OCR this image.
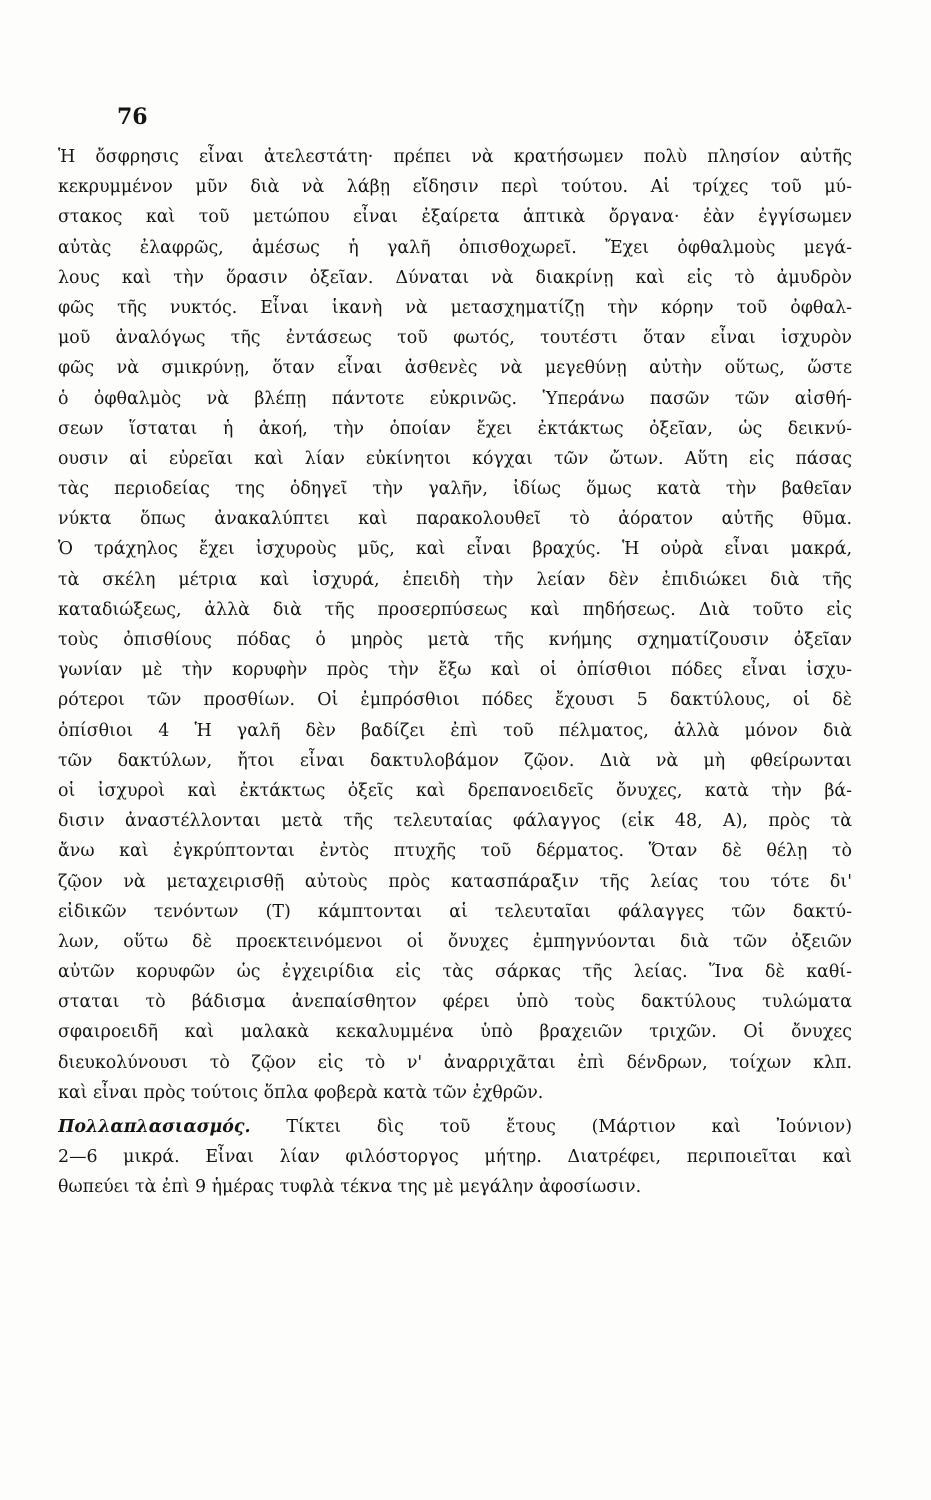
76
Ἡ ὄσφρησις εἶναι ἀτελεστάτη· πρέπει νὰ κρατήσωμεν πολὺ πλησίον αὐτῆς
κεκρυμμένον μῦν διὰ νὰ λάβῃ εἴδησιν περὶ τούτου. Αἱ τρίχες τοῦ μύ-
στακος καὶ τοῦ μετώπου εἶναι ἐξαίρετα ἁπτικὰ ὄργανα· ἐὰν ἐγγίσωμεν
αὐτὰς ἐλαφρῶς, ἀμέσως ἡ γαλῆ ὀπισθοχωρεῖ. Ἔχει ὀφθαλμοὺς μεγά-
λους καὶ τὴν ὅρασιν ὀξεῖαν. Δύναται νὰ διακρίνῃ καὶ εἰς τὸ ἀμυδρὸν
φῶς τῆς νυκτός. Εἶναι ἱκανὴ νὰ μετασχηματίζῃ τὴν κόρην τοῦ ὀφθαλ-
μοῦ ἀναλόγως τῆς ἐντάσεως τοῦ φωτός, τουτέστι ὅταν εἶναι ἰσχυρὸν
φῶς νὰ σμικρύνῃ, ὅταν εἶναι ἀσθενὲς νὰ μεγεθύνῃ αὐτὴν οὕτως, ὥστε
ὁ ὀφθαλμὸς νὰ βλέπῃ πάντοτε εὐκρινῶς. Ὑπεράνω πασῶν τῶν αἰσθή-
σεων ἵσταται ἡ ἀκοή, τὴν ὁποίαν ἔχει ἐκτάκτως ὀξεῖαν, ὡς δεικνύ-
ουσιν αἱ εὐρεῖαι καὶ λίαν εὐκίνητοι κόγχαι τῶν ὤτων. Αὕτη εἰς πάσας
τὰς περιοδείας της ὁδηγεῖ τὴν γαλῆν, ἰδίως ὅμως κατὰ τὴν βαθεῖαν
νύκτα ὅπως ἀνακαλύπτει καὶ παρακολουθεῖ τὸ ἀόρατον αὐτῆς θῦμα.
Ὁ τράχηλος ἔχει ἰσχυροὺς μῦς, καὶ εἶναι βραχύς. Ἡ οὐρὰ εἶναι μακρά,
τὰ σκέλη μέτρια καὶ ἰσχυρά, ἐπειδὴ τὴν λείαν δὲν ἐπιδιώκει διὰ τῆς
καταδιώξεως, ἀλλὰ διὰ τῆς προσερπύσεως καὶ πηδήσεως. Διὰ τοῦτο εἰς
τοὺς ὀπισθίους πόδας ὁ μηρὸς μετὰ τῆς κνήμης σχηματίζουσιν ὀξεῖαν
γωνίαν μὲ τὴν κορυφὴν πρὸς τὴν ἔξω καὶ οἱ ὀπίσθιοι πόδες εἶναι ἰσχυ-
ρότεροι τῶν προσθίων. Οἱ ἐμπρόσθιοι πόδες ἔχουσι 5 δακτύλους, οἱ δὲ
ὀπίσθιοι 4 Ἡ γαλῆ δὲν βαδίζει ἐπὶ τοῦ πέλματος, ἀλλὰ μόνον διὰ
τῶν δακτύλων, ἤτοι εἶναι δακτυλοβάμον ζῷον. Διὰ νὰ μὴ φθείρωνται
οἱ ἰσχυροὶ καὶ ἐκτάκτως ὀξεῖς καὶ δρεπανοειδεῖς ὄνυχες, κατὰ τὴν βά-
δισιν ἀναστέλλονται μετὰ τῆς τελευταίας φάλαγγος (εἰκ 48, Α), πρὸς τὰ
ἄνω καὶ ἐγκρύπτονται ἐντὸς πτυχῆς τοῦ δέρματος. Ὅταν δὲ θέλῃ τὸ
ζῷον νὰ μεταχειρισθῇ αὐτοὺς πρὸς κατασπάραξιν τῆς λείας του τότε δι'
εἰδικῶν τενόντων (Τ) κάμπτονται αἱ τελευταῖαι φάλαγγες τῶν δακτύ-
λων, οὕτω δὲ προεκτεινόμενοι οἱ ὄνυχες ἐμπηγνύονται διὰ τῶν ὀξειῶν
αὐτῶν κορυφῶν ὡς ἐγχειρίδια εἰς τὰς σάρκας τῆς λείας. Ἵνα δὲ καθί-
σταται τὸ βάδισμα ἀνεπαίσθητον φέρει ὑπὸ τοὺς δακτύλους τυλώματα
σφαιροειδῆ καὶ μαλακὰ κεκαλυμμένα ὑπὸ βραχειῶν τριχῶν. Οἱ ὄνυχες
διευκολύνουσι τὸ ζῷον εἰς τὸ ν' ἀναρριχᾶται ἐπὶ δένδρων, τοίχων κλπ.
καὶ εἶναι πρὸς τούτοις ὅπλα φοβερὰ κατὰ τῶν ἐχθρῶν.
Πολλαπλασιασμός. Τίκτει δὶς τοῦ ἔτους (Μάρτιον καὶ Ἰούνιον)
2—6 μικρά. Εἶναι λίαν φιλόστοργος μήτηρ. Διατρέφει, περιποιεῖται καὶ
θωπεύει τὰ ἐπὶ 9 ἡμέρας τυφλὰ τέκνα της μὲ μεγάλην ἀφοσίωσιν.
